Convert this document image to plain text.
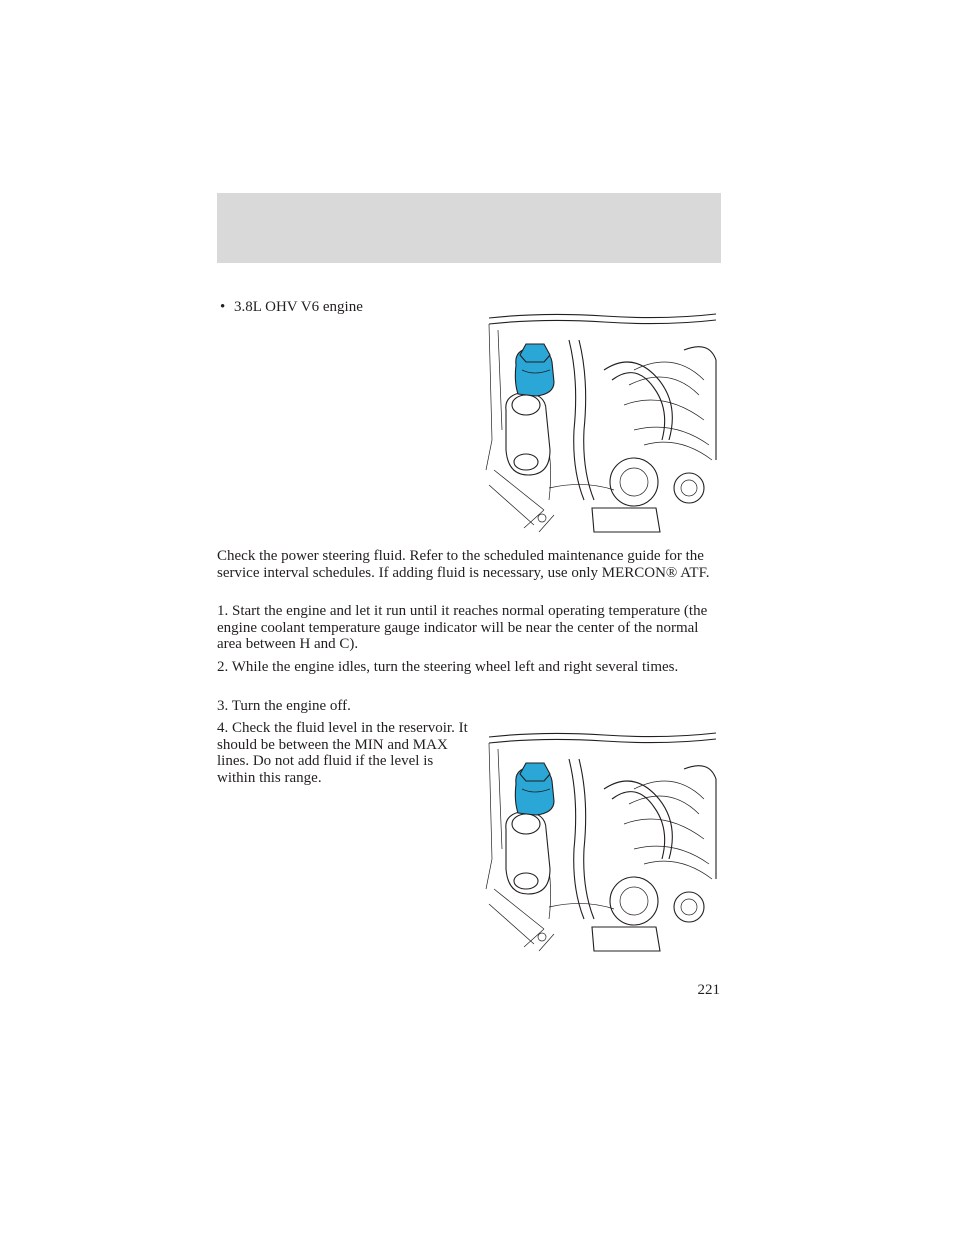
• 3.8L OHV V6 engine
Check the power steering fluid. Refer to the scheduled maintenance guide for the service interval schedules. If adding fluid is necessary, use only MERCON® ATF.
1. Start the engine and let it run until it reaches normal operating temperature (the engine coolant temperature gauge indicator will be near the center of the normal area between H and C).
2. While the engine idles, turn the steering wheel left and right several times.
3. Turn the engine off.
4. Check the fluid level in the reservoir. It should be between the MIN and MAX lines. Do not add fluid if the level is within this range.
221
